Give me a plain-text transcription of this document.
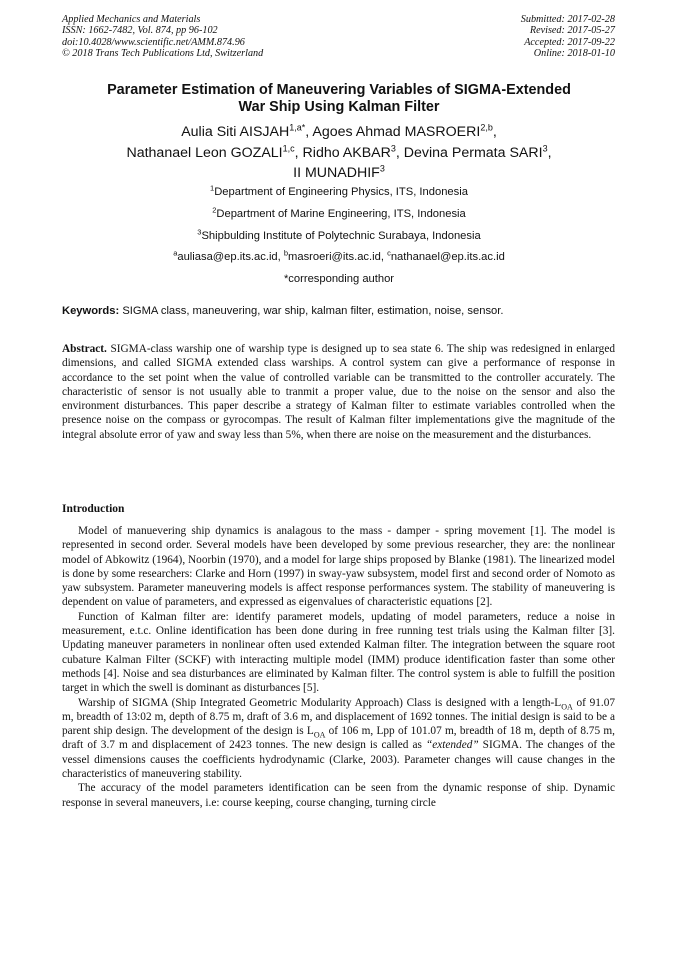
Applied Mechanics and Materials
ISSN: 1662-7482, Vol. 874, pp 96-102
doi:10.4028/www.scientific.net/AMM.874.96
© 2018 Trans Tech Publications Ltd, Switzerland
Submitted: 2017-02-28
Revised: 2017-05-27
Accepted: 2017-09-22
Online: 2018-01-10
Parameter Estimation of Maneuvering Variables of SIGMA-Extended
War Ship Using Kalman Filter
Aulia Siti $AISJAH^{1,a*}$, Agoes Ahmad MASROERI$^{2,b}$,
Nathanael Leon GOZALI$^{1,c}$, Ridho AKBAR$^3$, Devina Permata SARI$^3$,
II MUNADHIF$^3$
$^1$Department of Engineering Physics, ITS, Indonesia
$^2$Department of Marine Engineering, ITS, Indonesia
$^3$Shipbulding Institute of Polytechnic Surabaya, Indonesia
$^a$auliasa@ep.its.ac.id, $^b$masroeri@its.ac.id, $^c$nathanael@ep.its.ac.id
*corresponding author
Keywords: SIGMA class, maneuvering, war ship, kalman filter, estimation, noise, sensor.
Abstract. SIGMA-class warship one of warship type is designed up to sea state 6. The ship was redesigned in enlarged dimensions, and called SIGMA extended class warships. A control system can give a performance of response in accordance to the set point when the value of controlled variable can be transmitted to the controller accurately. The characteristic of sensor is not usually able to tranmit a proper value, due to the noise on the sensor and also the environment disturbances. This paper describe a strategy of Kalman filter to estimate variables controlled when the presence noise on the compass or gyrocompas. The result of Kalman filter implementations give the magnitude of the integral absolute error of yaw and sway less than 5%, when there are noise on the measurement and the disturbances.
Introduction

Model of manuevering ship dynamics is analagous to the mass - damper - spring movement [1]. The model is represented in second order. Several models have been developed by some previous researcher, they are: the nonlinear model of Abkowitz (1964), Noorbin (1970), and a model for large ships proposed by Blanke (1981). The linearized model is done by some researchers: Clarke and Horn (1997) in sway-yaw subsystem, model first and second order of Nomoto as yaw subsystem. Parameter maneuvering models is affect response performances system. The stability of maneuvering is dependent on value of parameters, and expressed as eigenvalues of characteristic equations [2].

Function of Kalman filter are: identify parameret models, updating of model parameters, reduce a noise in measurement, e.t.c. Online identification has been done during in free running test trials using the Kalman filter [3]. Updating maneuver parameters in nonlinear often used extended Kalman filter. The integration between the square root cubature Kalman Filter (SCKF) with interacting multiple model (IMM) produce identification faster than some other methods [4]. Noise and sea disturbances are eliminated by Kalman filter. The control system is able to fulfill the position target in which the swell is dominant as disturbances [5].

Warship of SIGMA (Ship Integrated Geometric Modularity Approach) Class is designed with a length-$L_{OA}$ of 91.07 m, breadth of 13:02 m, depth of 8.75 m, draft of 3.6 m, and displacement of 1692 tonnes. The initial design is said to be a parent ship design. The development of the design is $L_{OA}$ of 106 m, Lpp of 101.07 m, breadth of 18 m, depth of 8.75 m, draft of 3.7 m and displacement of 2423 tonnes. The new design is called as “extended” SIGMA. The changes of the vessel dimensions causes the coefficients hydrodynamic (Clarke, 2003). Parameter changes will cause changes in the characteristics of maneuvering stability.

The accuracy of the model parameters identification can be seen from the dynamic response of ship. Dynamic response in several maneuvers, i.e: course keeping, course changing, turning circle
